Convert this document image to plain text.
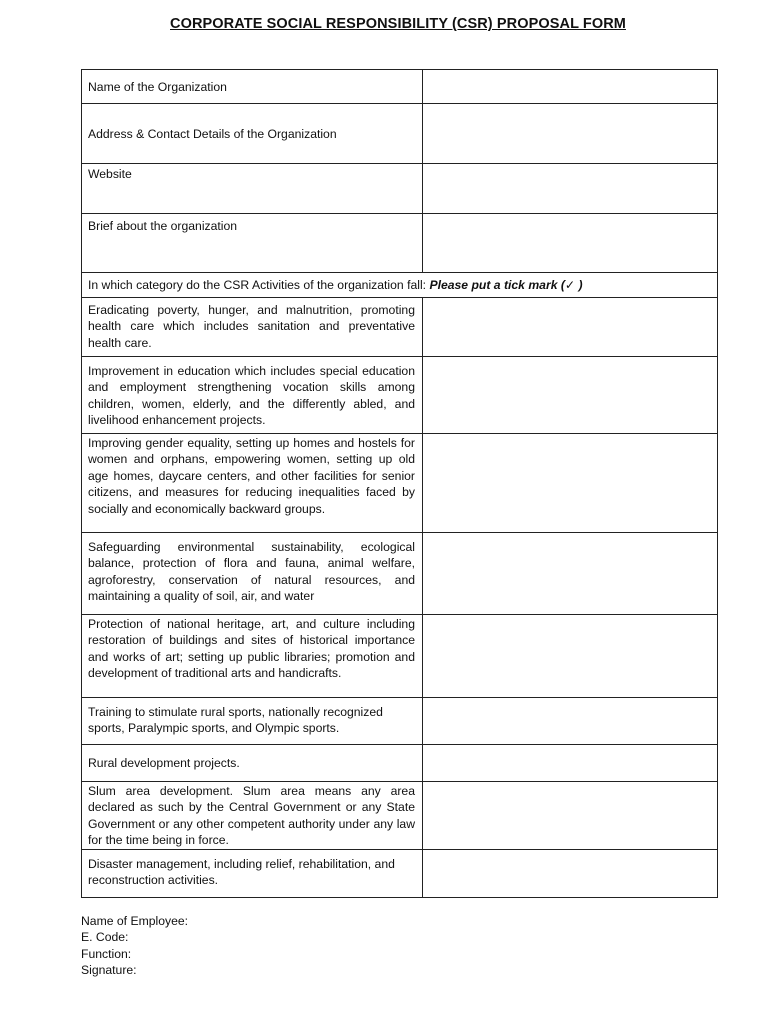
CORPORATE SOCIAL RESPONSIBILITY (CSR) PROPOSAL FORM
Name of the Organization	

Address & Contact Details of the Organization	

Website	

Brief about the organization	

In which category do the CSR Activities of the organization fall: Please put a tick mark (✓ )	

Eradicating poverty, hunger, and malnutrition, promoting health care which includes sanitation and preventative health care.	

Improvement in education which includes special education and employment strengthening vocation skills among children, women, elderly, and the differently abled, and livelihood enhancement projects.	

Improving gender equality, setting up homes and hostels for women and orphans, empowering women, setting up old age homes, daycare centers, and other facilities for senior citizens, and measures for reducing inequalities faced by socially and economically backward groups.	

Safeguarding environmental sustainability, ecological balance, protection of flora and fauna, animal welfare, agroforestry, conservation of natural resources, and maintaining a quality of soil, air, and water	

Protection of national heritage, art, and culture including restoration of buildings and sites of historical importance and works of art; setting up public libraries; promotion and development of traditional arts and handicrafts.	

Training to stimulate rural sports, nationally recognized sports, Paralympic sports, and Olympic sports.	

Rural development projects.	

Slum area development. Slum area means any area declared as such by the Central Government or any State Government or any other competent authority under any law for the time being in force.	

Disaster management, including relief, rehabilitation, and reconstruction activities.	

Name of Employee:
E. Code:
Function:
Signature:
